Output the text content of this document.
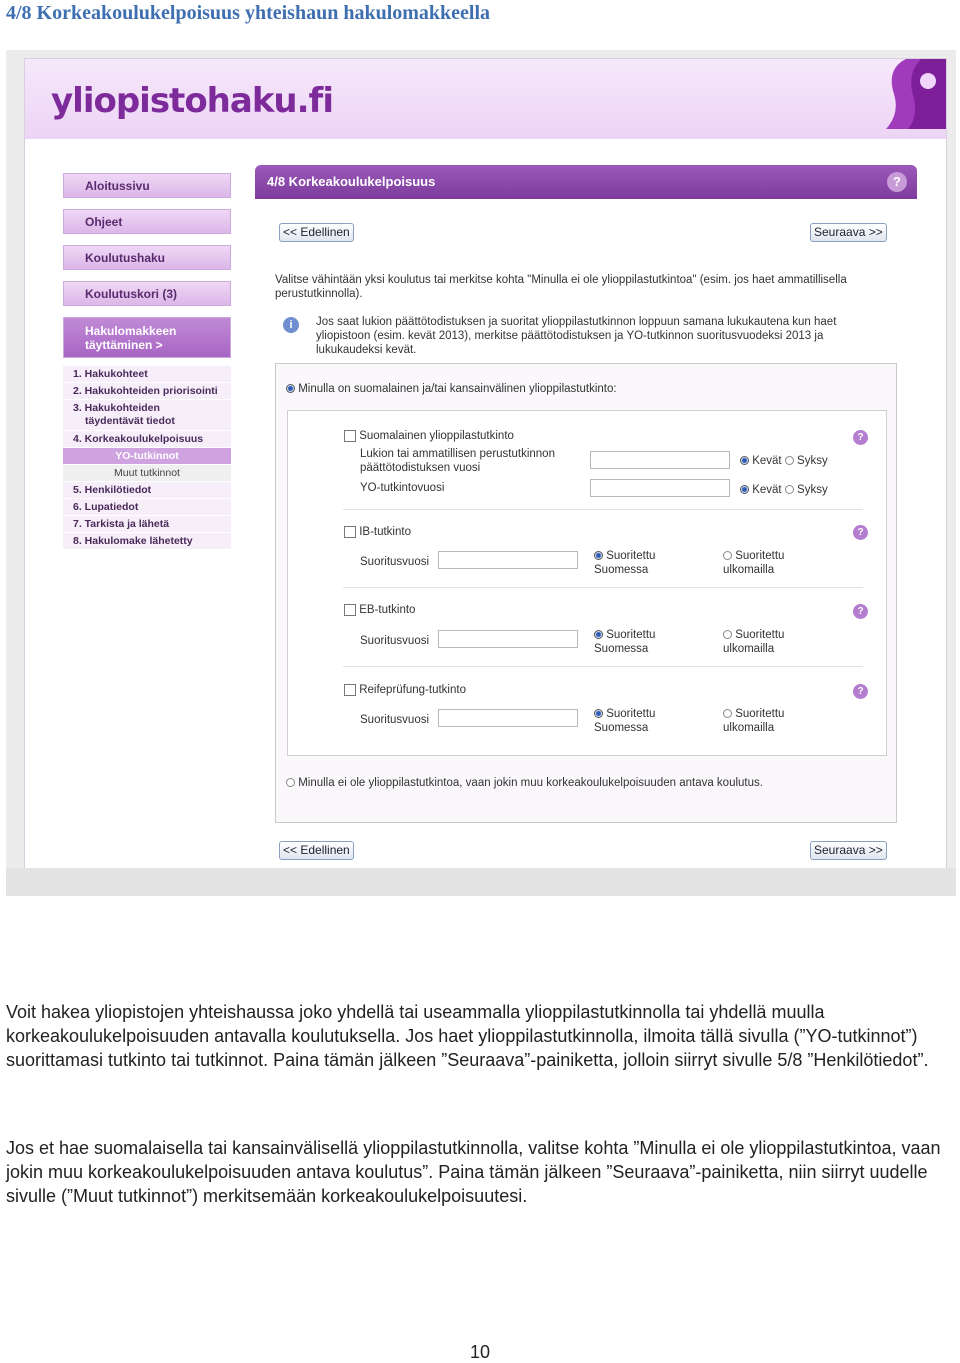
4/8 Korkeakoulukelpoisuus yhteishaun hakulomakkeella
yliopistohaku.fi
Aloitussivu
Ohjeet
Koulutushaku
Koulutuskori (3)
Hakulomakkeen
täyttäminen >
1. Hakukohteet
2. Hakukohteiden priorisointi
3. Hakukohteiden
täydentävät tiedot
4. Korkeakoulukelpoisuus
YO-tutkinnot
Muut tutkinnot
5. Henkilötiedot
6. Lupatiedot
7. Tarkista ja lähetä
8. Hakulomake lähetetty
4/8 Korkeakoulukelpoisuus	?
<< Edellinen	Seuraava >>
Valitse vähintään yksi koulutus tai merkitse kohta "Minulla ei ole ylioppilastutkintoa" (esim. jos haet ammatillisella perustutkinnolla).
i	Jos saat lukion päättötodistuksen ja suoritat ylioppilastutkinnon loppuun samana lukukautena kun haet yliopistoon (esim. kevät 2013), merkitse päättötodistuksen ja YO-tutkinnon suoritusvuodeksi 2013 ja lukukaudeksi kevät.
Minulla on suomalainen ja/tai kansainvälinen ylioppilastutkinto:
Suomalainen ylioppilastutkinto	?
Lukion tai ammatillisen perustutkinnon
päättötodistuksen vuosi
Kevät Syksy
YO-tutkintovuosi	Kevät Syksy
IB-tutkinto	?
Suoritusvuosi	Suoritettu
Suomessa
Suoritettu
ulkomailla
EB-tutkinto	?
Suoritusvuosi	Suoritettu
Suomessa
Suoritettu
ulkomailla
Reifeprüfung-tutkinto	?
Suoritusvuosi	Suoritettu
Suomessa
Suoritettu
ulkomailla
Minulla ei ole ylioppilastutkintoa, vaan jokin muu korkeakoulukelpoisuuden antava koulutus.
<< Edellinen	Seuraava >>
Voit hakea yliopistojen yhteishaussa joko yhdellä tai useammalla ylioppilastutkinnolla tai yhdellä muulla korkeakoulukelpoisuuden antavalla koulutuksella. Jos haet ylioppilastutkinnolla, ilmoita tällä sivulla (”YO-tutkinnot”) suorittamasi tutkinto tai tutkinnot. Paina tämän jälkeen ”Seuraava”-painiketta, jolloin siirryt sivulle 5/8 ”Henkilötiedot”.
Jos et hae suomalaisella tai kansainvälisellä ylioppilastutkinnolla, valitse kohta ”Minulla ei ole ylioppilastutkintoa, vaan jokin muu korkeakoulukelpoisuuden antava koulutus”. Paina tämän jälkeen ”Seuraava”-painiketta, niin siirryt uudelle sivulle (”Muut tutkinnot”) merkitsemään korkeakoulukelpoisuutesi.
10
